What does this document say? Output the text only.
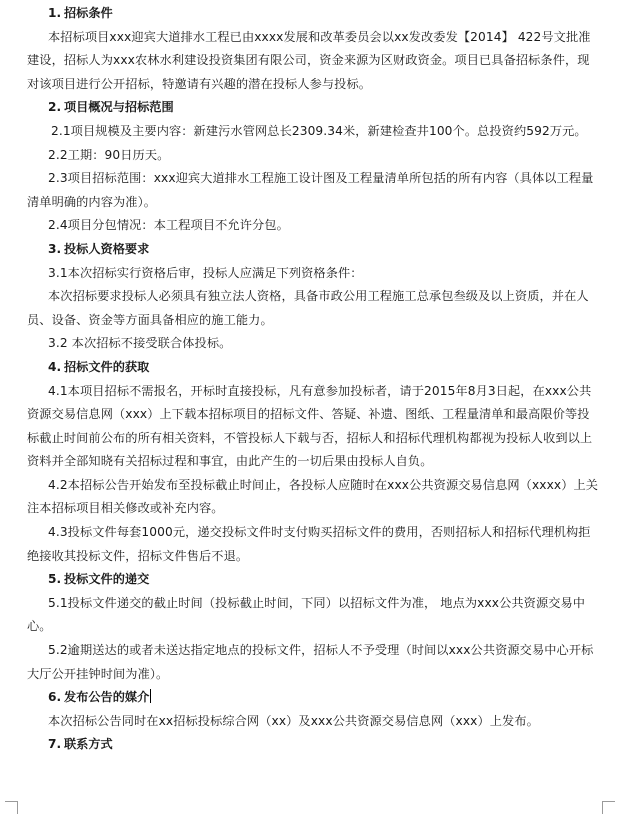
1. 招标条件

本招标项目xxx迎宾大道排水工程已由xxxx发展和改革委员会以xx发改委发【2014】 422号文批准建设，招标人为xxx农林水利建设投资集团有限公司，资金来源为区财政资金。项目已具备招标条件，现对该项目进行公开招标，特邀请有兴趣的潜在投标人参与投标。

2. 项目概况与招标范围

2.1项目规模及主要内容：新建污水管网总长2309.34米，新建检查井100个。总投资约592万元。

2.2工期：90日历天。

2.3项目招标范围：xxx迎宾大道排水工程施工设计图及工程量清单所包括的所有内容（具体以工程量清单明确的内容为准）。

2.4项目分包情况：本工程项目不允许分包。

3. 投标人资格要求

3.1本次招标实行资格后审，投标人应满足下列资格条件：

本次招标要求投标人必须具有独立法人资格，具备市政公用工程施工总承包叁级及以上资质，并在人员、设备、资金等方面具备相应的施工能力。

3.2 本次招标不接受联合体投标。

4. 招标文件的获取

4.1本项目招标不需报名，开标时直接投标，凡有意参加投标者，请于2015年8月3日起，在xxx公共资源交易信息网（xxx）上下载本招标项目的招标文件、答疑、补遗、图纸、工程量清单和最高限价等投标截止时间前公布的所有相关资料，不管投标人下载与否，招标人和招标代理机构都视为投标人收到以上资料并全部知晓有关招标过程和事宜，由此产生的一切后果由投标人自负。

4.2本招标公告开始发布至投标截止时间止，各投标人应随时在xxx公共资源交易信息网（xxxx）上关注本招标项目相关修改或补充内容。

4.3投标文件每套1000元，递交投标文件时支付购买招标文件的费用，否则招标人和招标代理机构拒绝接收其投标文件，招标文件售后不退。

5. 投标文件的递交

5.1投标文件递交的截止时间（投标截止时间，下同）以招标文件为准， 地点为xxx公共资源交易中心。

5.2逾期送达的或者未送达指定地点的投标文件，招标人不予受理（时间以xxx公共资源交易中心开标大厅公开挂钟时间为准）。

6. 发布公告的媒介

本次招标公告同时在xx招标投标综合网（xx）及xxx公共资源交易信息网（xxx）上发布。

7. 联系方式
